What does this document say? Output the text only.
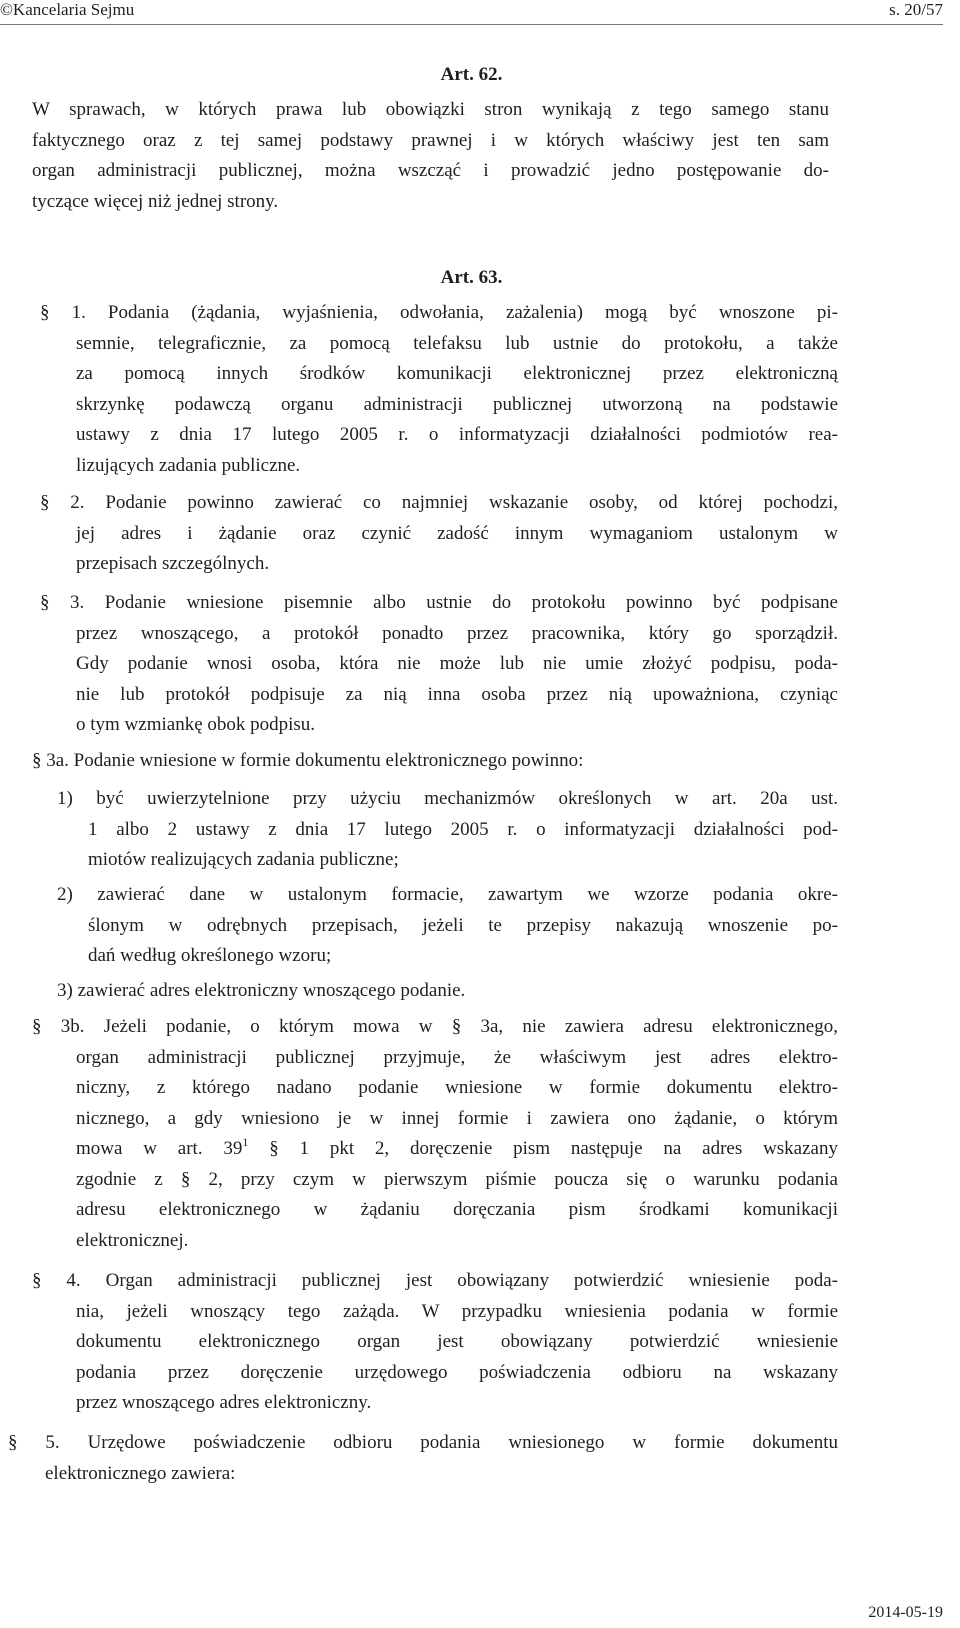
©Kancelaria Sejmu	s. 20/57
Art. 62.
W sprawach, w których prawa lub obowiązki stron wynikają z tego samego stanu
faktycznego oraz z tej samej podstawy prawnej i w których właściwy jest ten sam
organ administracji publicznej, można wszcząć i prowadzić jedno postępowanie do-
tyczące więcej niż jednej strony.
Art. 63.
§ 1. Podania (żądania, wyjaśnienia, odwołania, zażalenia) mogą być wnoszone pi-
semnie, telegraficznie, za pomocą telefaksu lub ustnie do protokołu, a także
za pomocą innych środków komunikacji elektronicznej przez elektroniczną
skrzynkę podawczą organu administracji publicznej utworzoną na podstawie
ustawy z dnia 17 lutego 2005 r. o informatyzacji działalności podmiotów rea-
lizujących zadania publiczne.
§ 2. Podanie powinno zawierać co najmniej wskazanie osoby, od której pochodzi,
jej adres i żądanie oraz czynić zadość innym wymaganiom ustalonym w
przepisach szczególnych.
§ 3. Podanie wniesione pisemnie albo ustnie do protokołu powinno być podpisane
przez wnoszącego, a protokół ponadto przez pracownika, który go sporządził.
Gdy podanie wnosi osoba, która nie może lub nie umie złożyć podpisu, poda-
nie lub protokół podpisuje za nią inna osoba przez nią upoważniona, czyniąc
o tym wzmiankę obok podpisu.
§ 3a. Podanie wniesione w formie dokumentu elektronicznego powinno:
1) być uwierzytelnione przy użyciu mechanizmów określonych w art. 20a ust.
1 albo 2 ustawy z dnia 17 lutego 2005 r. o informatyzacji działalności pod-
miotów realizujących zadania publiczne;
2) zawierać dane w ustalonym formacie, zawartym we wzorze podania okre-
ślonym w odrębnych przepisach, jeżeli te przepisy nakazują wnoszenie po-
dań według określonego wzoru;
3) zawierać adres elektroniczny wnoszącego podanie.
§ 3b. Jeżeli podanie, o którym mowa w § 3a, nie zawiera adresu elektronicznego,
organ administracji publicznej przyjmuje, że właściwym jest adres elektro-
niczny, z którego nadano podanie wniesione w formie dokumentu elektro-
nicznego, a gdy wniesiono je w innej formie i zawiera ono żądanie, o którym
mowa w art. $39^1$ § 1 pkt 2, doręczenie pism następuje na adres wskazany
zgodnie z § 2, przy czym w pierwszym piśmie poucza się o warunku podania
adresu elektronicznego w żądaniu doręczania pism środkami komunikacji
elektronicznej.
§ 4. Organ administracji publicznej jest obowiązany potwierdzić wniesienie poda-
nia, jeżeli wnoszący tego zażąda. W przypadku wniesienia podania w formie
dokumentu elektronicznego organ jest obowiązany potwierdzić wniesienie
podania przez doręczenie urzędowego poświadczenia odbioru na wskazany
przez wnoszącego adres elektroniczny.
§ 5. Urzędowe poświadczenie odbioru podania wniesionego w formie dokumentu
elektronicznego zawiera:
2014-05-19
